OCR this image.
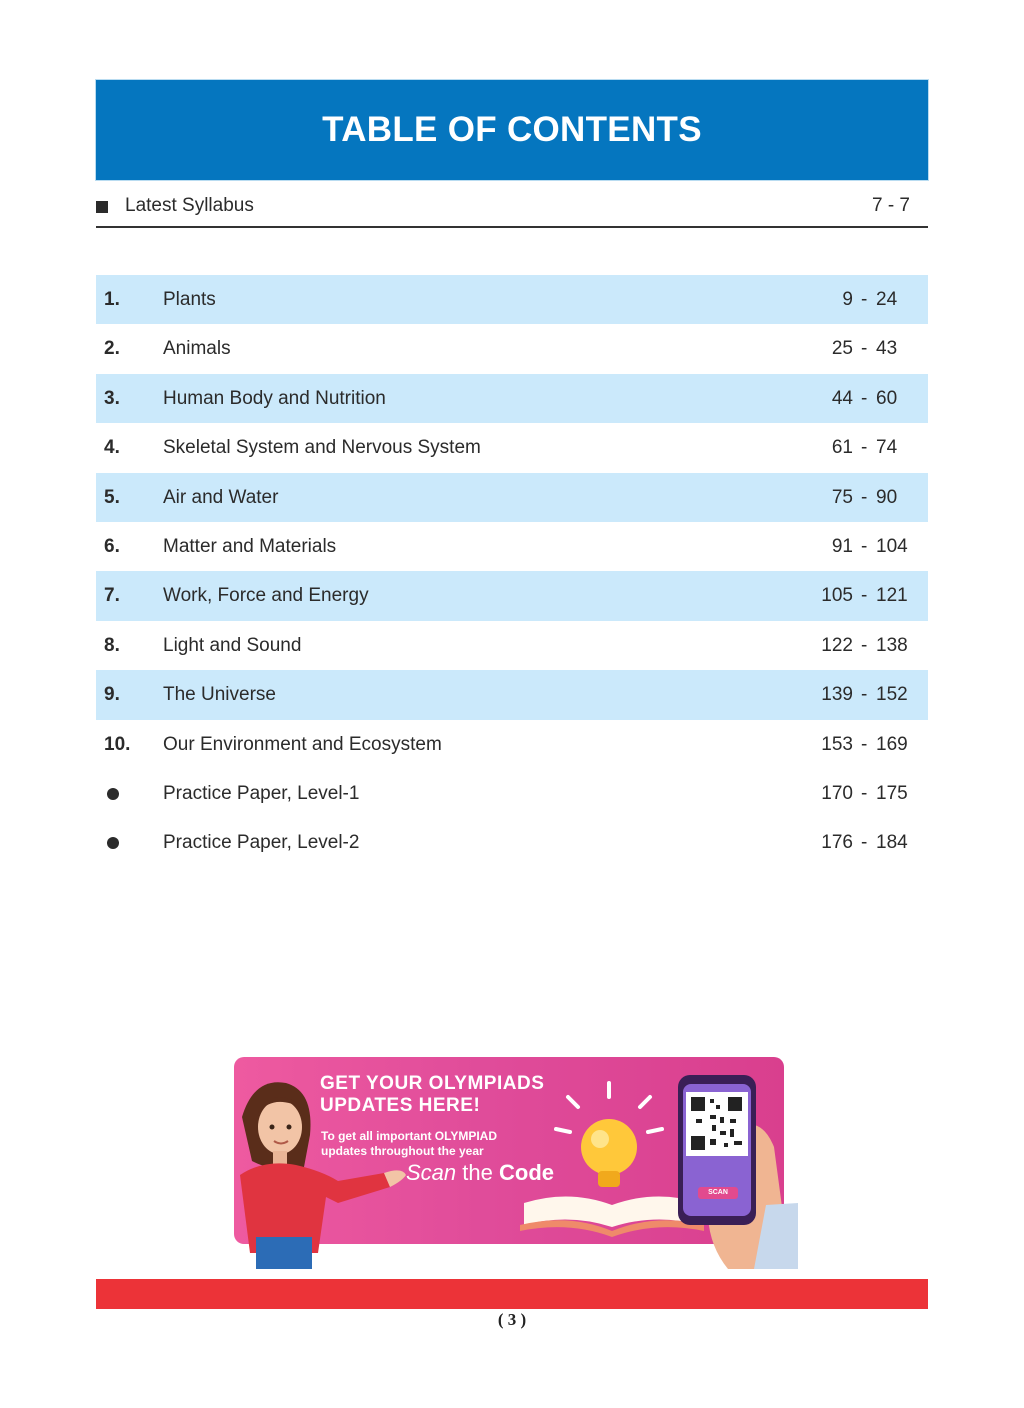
TABLE OF CONTENTS
Latest Syllabus	7 - 7
1. Plants	9 - 24
2. Animals	25 - 43
3. Human Body and Nutrition	44 - 60
4. Skeletal System and Nervous System	61 - 74
5. Air and Water	75 - 90
6. Matter and Materials	91 - 104
7. Work, Force and Energy	105 - 121
8. Light and Sound	122 - 138
9. The Universe	139 - 152
10. Our Environment and Ecosystem	153 - 169
Practice Paper, Level-1	170 - 175
Practice Paper, Level-2	176 - 184
GET YOUR OLYMPIADS
UPDATES HERE!
To get all important OLYMPIAD
updates throughout the year
Scan the Code
SCAN
( 3 )
